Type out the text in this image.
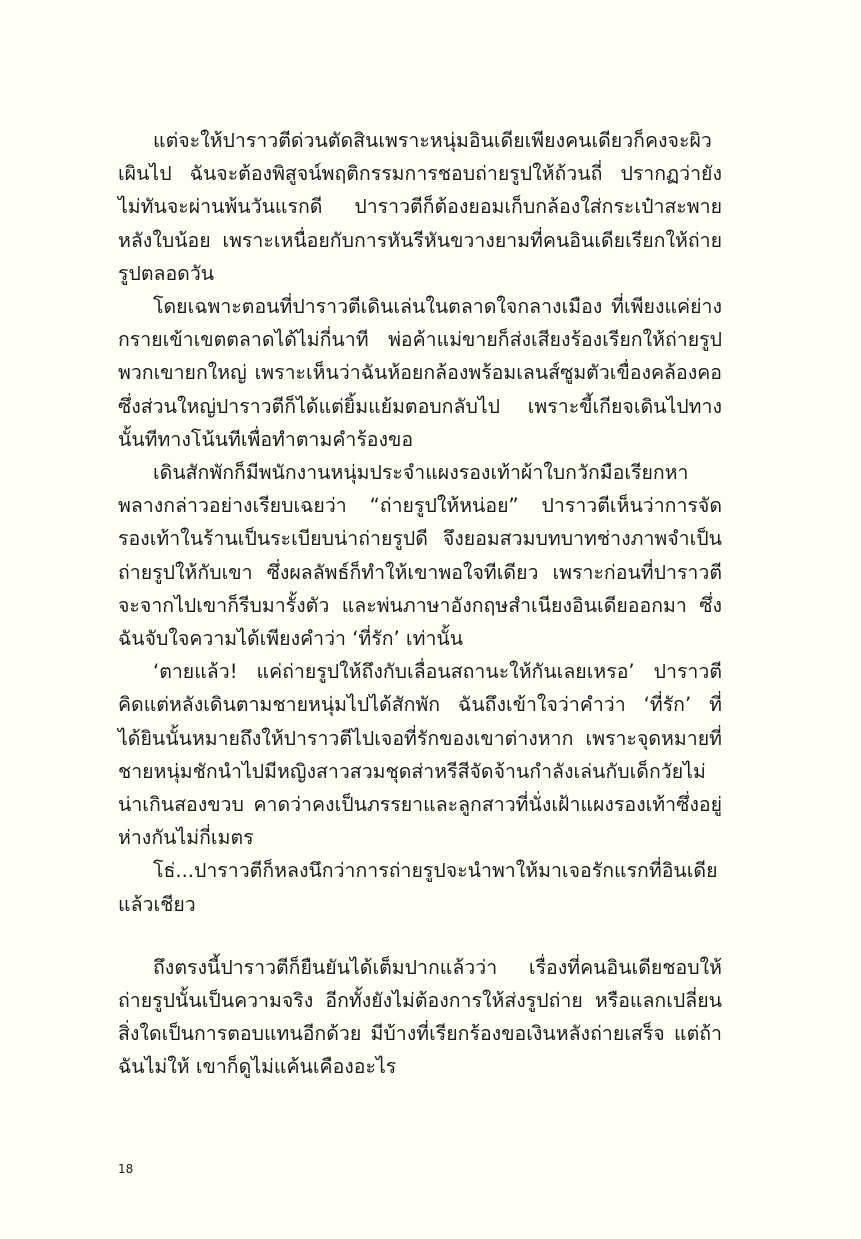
แต่จะให้ปาราวตีด่วนตัดสินเพราะหนุ่มอินเดียเพียงคนเดียวก็คงจะผิวเผินไป ฉันจะต้องพิสูจน์พฤติกรรมการชอบถ่ายรูปให้ถ้วนถี่ ปรากฏว่ายังไม่ทันจะผ่านพ้นวันแรกดี ปาราวตีก็ต้องยอมเก็บกล้องใส่กระเป๋าสะพายหลังใบน้อย เพราะเหนื่อยกับการหันรีหันขวางยามที่คนอินเดียเรียกให้ถ่ายรูปตลอดวัน

โดยเฉพาะตอนที่ปาราวตีเดินเล่นในตลาดใจกลางเมือง ที่เพียงแค่ย่างกรายเข้าเขตตลาดได้ไม่กี่นาที พ่อค้าแม่ขายก็ส่งเสียงร้องเรียกให้ถ่ายรูปพวกเขายกใหญ่ เพราะเห็นว่าฉันห้อยกล้องพร้อมเลนส์ซูมตัวเขื่องคล้องคอ ซึ่งส่วนใหญ่ปาราวตีก็ได้แต่ยิ้มแย้มตอบกลับไป เพราะขี้เกียจเดินไปทางนั้นทีทางโน้นทีเพื่อทำตามคำร้องขอ

เดินสักพักก็มีพนักงานหนุ่มประจำแผงรองเท้าผ้าใบกวักมือเรียกหาพลางกล่าวอย่างเรียบเฉยว่า “ถ่ายรูปให้หน่อย” ปาราวตีเห็นว่าการจัดรองเท้าในร้านเป็นระเบียบน่าถ่ายรูปดี จึงยอมสวมบทบาทช่างภาพจำเป็นถ่ายรูปให้กับเขา ซึ่งผลลัพธ์ก็ทำให้เขาพอใจทีเดียว เพราะก่อนที่ปาราวตีจะจากไปเขาก็รีบมารั้งตัว และพ่นภาษาอังกฤษสำเนียงอินเดียออกมา ซึ่งฉันจับใจความได้เพียงคำว่า ‘ที่รัก’ เท่านั้น

‘ตายแล้ว! แค่ถ่ายรูปให้ถึงกับเลื่อนสถานะให้กันเลยเหรอ’ ปาราวตีคิดแต่หลังเดินตามชายหนุ่มไปได้สักพัก ฉันถึงเข้าใจว่าคำว่า ‘ที่รัก’ ที่ได้ยินนั้นหมายถึงให้ปาราวตีไปเจอที่รักของเขาต่างหาก เพราะจุดหมายที่ชายหนุ่มชักนำไปมีหญิงสาวสวมชุดส่าหรีสีจัดจ้านกำลังเล่นกับเด็กวัยไม่น่าเกินสองขวบ คาดว่าคงเป็นภรรยาและลูกสาวที่นั่งเฝ้าแผงรองเท้าซึ่งอยู่ห่างกันไม่กี่เมตร

โธ่...ปาราวตีก็หลงนึกว่าการถ่ายรูปจะนำพาให้มาเจอรักแรกที่อินเดียแล้วเชียว

ถึงตรงนี้ปาราวตีก็ยืนยันได้เต็มปากแล้วว่า เรื่องที่คนอินเดียชอบให้ถ่ายรูปนั้นเป็นความจริง อีกทั้งยังไม่ต้องการให้ส่งรูปถ่าย หรือแลกเปลี่ยนสิ่งใดเป็นการตอบแทนอีกด้วย มีบ้างที่เรียกร้องขอเงินหลังถ่ายเสร็จ แต่ถ้าฉันไม่ให้ เขาก็ดูไม่แค้นเคืองอะไร

18
